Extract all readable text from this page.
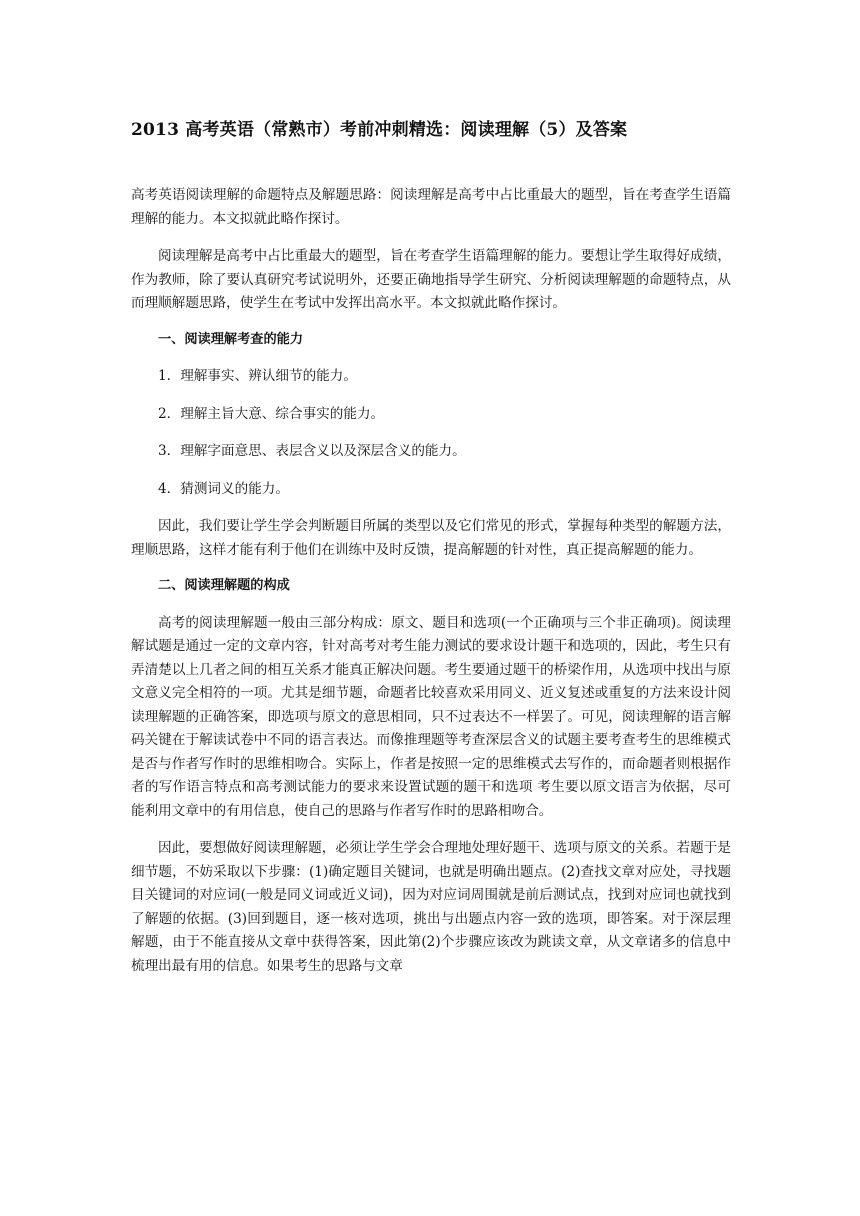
2013 高考英语（常熟市）考前冲刺精选：阅读理解（5）及答案

高考英语阅读理解的命题特点及解题思路：阅读理解是高考中占比重最大的题型，旨在考查学生语篇理解的能力。本文拟就此略作探讨。

阅读理解是高考中占比重最大的题型，旨在考查学生语篇理解的能力。要想让学生取得好成绩，作为教师，除了要认真研究考试说明外，还要正确地指导学生研究、分析阅读理解题的命题特点，从而理顺解题思路，使学生在考试中发挥出高水平。本文拟就此略作探讨。

一、阅读理解考查的能力

1．理解事实、辨认细节的能力。

2．理解主旨大意、综合事实的能力。

3．理解字面意思、表层含义以及深层含义的能力。

4．猜测词义的能力。

因此，我们要让学生学会判断题目所属的类型以及它们常见的形式，掌握每种类型的解题方法，理顺思路，这样才能有利于他们在训练中及时反馈，提高解题的针对性，真正提高解题的能力。

二、阅读理解题的构成

高考的阅读理解题一般由三部分构成：原文、题目和选项(一个正确项与三个非正确项)。阅读理解试题是通过一定的文章内容，针对高考对考生能力测试的要求设计题干和选项的，因此，考生只有弄清楚以上几者之间的相互关系才能真正解决问题。考生要通过题干的桥梁作用，从选项中找出与原文意义完全相符的一项。尤其是细节题，命题者比较喜欢采用同义、近义复述或重复的方法来设计阅读理解题的正确答案，即选项与原文的意思相同，只不过表达不一样罢了。可见，阅读理解的语言解码关键在于解读试卷中不同的语言表达。而像推理题等考查深层含义的试题主要考查考生的思维模式是否与作者写作时的思维相吻合。实际上，作者是按照一定的思维模式去写作的，而命题者则根据作者的写作语言特点和高考测试能力的要求来设置试题的题干和选项 考生要以原文语言为依据，尽可能利用文章中的有用信息，使自己的思路与作者写作时的思路相吻合。

因此，要想做好阅读理解题，必须让学生学会合理地处理好题干、选项与原文的关系。若题于是细节题，不妨采取以下步骤：(1)确定题目关键词，也就是明确出题点。(2)查找文章对应处，寻找题目关键词的对应词(一般是同义词或近义词)，因为对应词周围就是前后测试点，找到对应词也就找到了解题的依据。(3)回到题目，逐一核对选项，挑出与出题点内容一致的选项，即答案。对于深层理解题，由于不能直接从文章中获得答案，因此第(2)个步骤应该改为跳读文章，从文章诸多的信息中梳理出最有用的信息。如果考生的思路与文章
